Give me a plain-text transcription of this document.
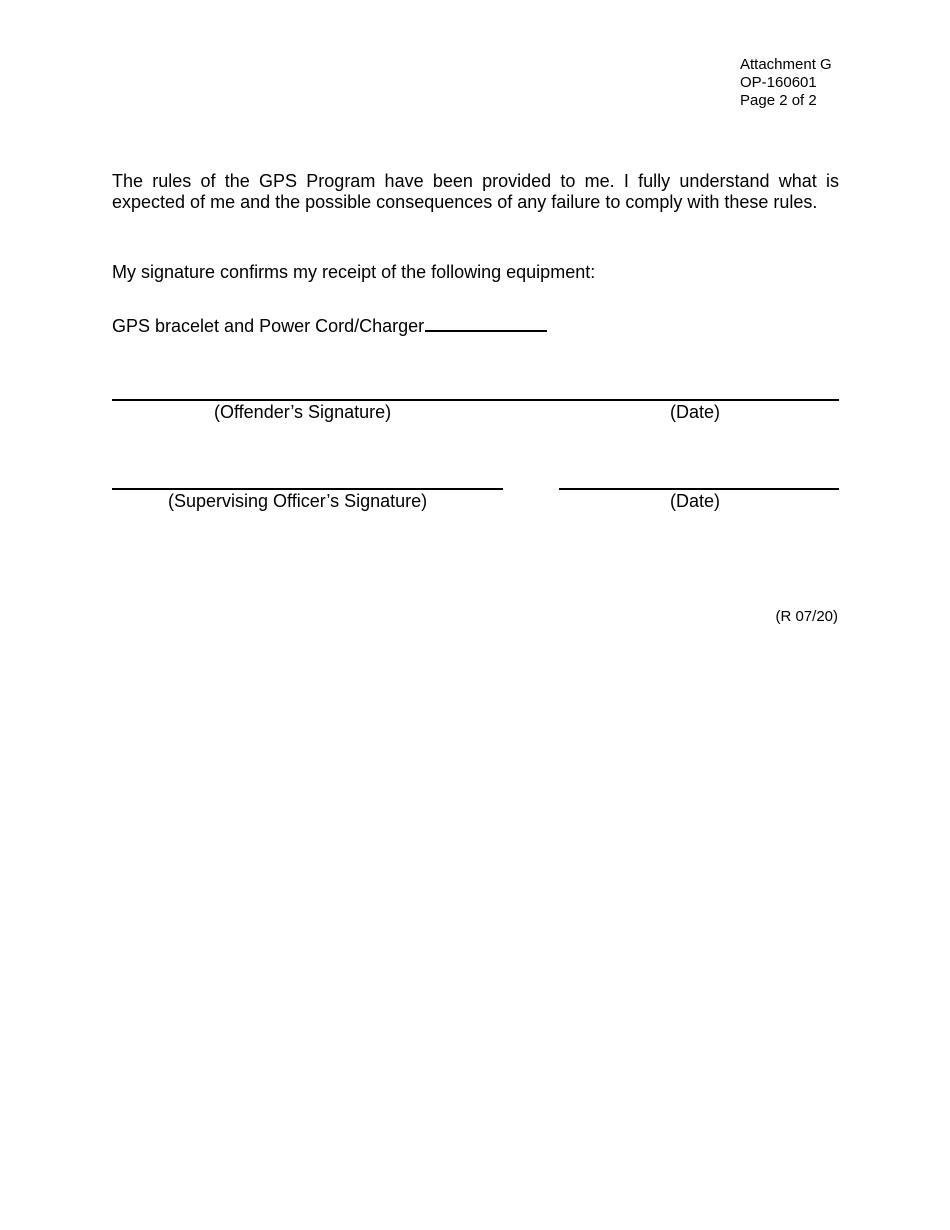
Attachment G
OP-160601
Page 2 of 2

The rules of the GPS Program have been provided to me. I fully understand what is expected of me and the possible consequences of any failure to comply with these rules.

My signature confirms my receipt of the following equipment:

GPS bracelet and Power Cord/Charger

(Offender’s Signature)	(Date)
(Supervising Officer’s Signature)	(Date)
(R 07/20)
